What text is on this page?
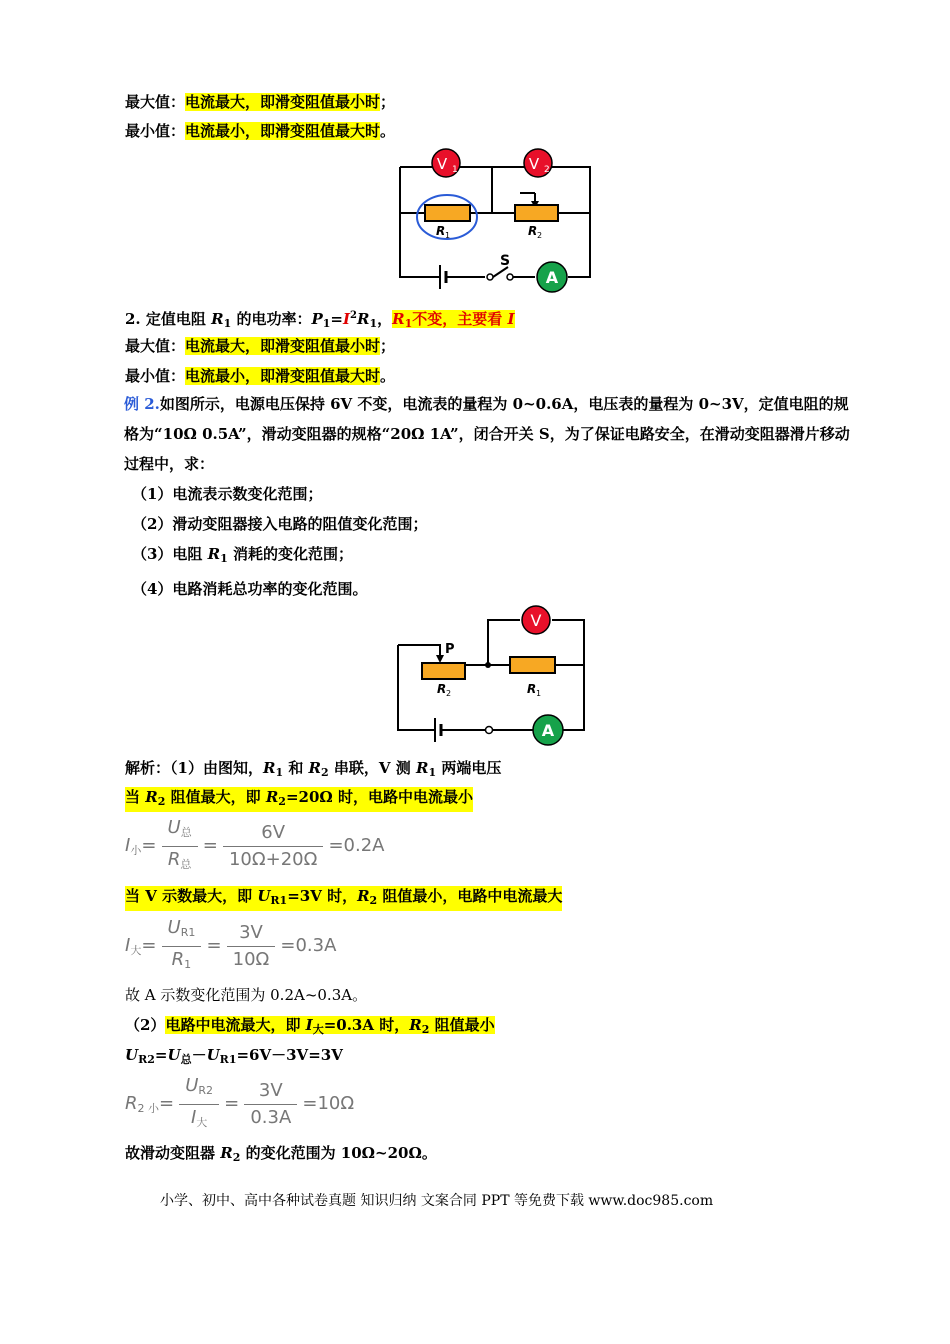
最大值：电流最大，即滑变阻值最小时；
最小值：电流最小，即滑变阻值最大时。
V 1	V 2
A
R 1	R 2
S
2. 定值电阻 $R_1$ 的电功率：$P_1=I^2R_1$，$R_1$不变，主要看 I
最大值：电流最大，即滑变阻值最小时；
最小值：电流最小，即滑变阻值最大时。
例 2.如图所示，电源电压保持 6V 不变，电流表的量程为 0~0.6A，电压表的量程为 0~3V，定值电阻的规格为“10Ω 0.5A”，滑动变阻器的规格“20Ω 1A”，闭合开关 S，为了保证电路安全，在滑动变阻器滑片移动过程中，求：
（1）电流表示数变化范围；
（2）滑动变阻器接入电路的阻值变化范围；
（3）电阻 $R_1$ 消耗的变化范围；
（4）电路消耗总功率的变化范围。
V
A
P
R 2	R 1
解析：（1）由图知，$R_1$ 和 $R_2$ 串联，V 测 $R_1$ 两端电压
当 $R_2$ 阻值最大，即 $R_2=20\Omega$ 时，电路中电流最小
$I_小= \frac{U_总}{R_总} = \frac{6V}{10\Omega+20\Omega} =0.2A$
当 V 示数最大，即 $U_{R1}=3V$ 时，$R_2$ 阻值最小，电路中电流最大
$I_大= \frac{U_{R1}}{R_1} = \frac{3V}{10\Omega} =0.3A$
故 A 示数变化范围为 0.2A~0.3A。
（2）电路中电流最大，即 $I_大=0.3A$ 时，$R_2$ 阻值最小
$U_{R2}=U_总-U_{R1}=6V-3V=3V$
$R_{2 小}= \frac{U_{R2}}{I_大} = \frac{3V}{0.3A} =10\Omega$
故滑动变阻器 $R_2$ 的变化范围为 10Ω~20Ω。
小学、初中、高中各种试卷真题 知识归纳 文案合同 PPT 等免费下载 www.doc985.com
